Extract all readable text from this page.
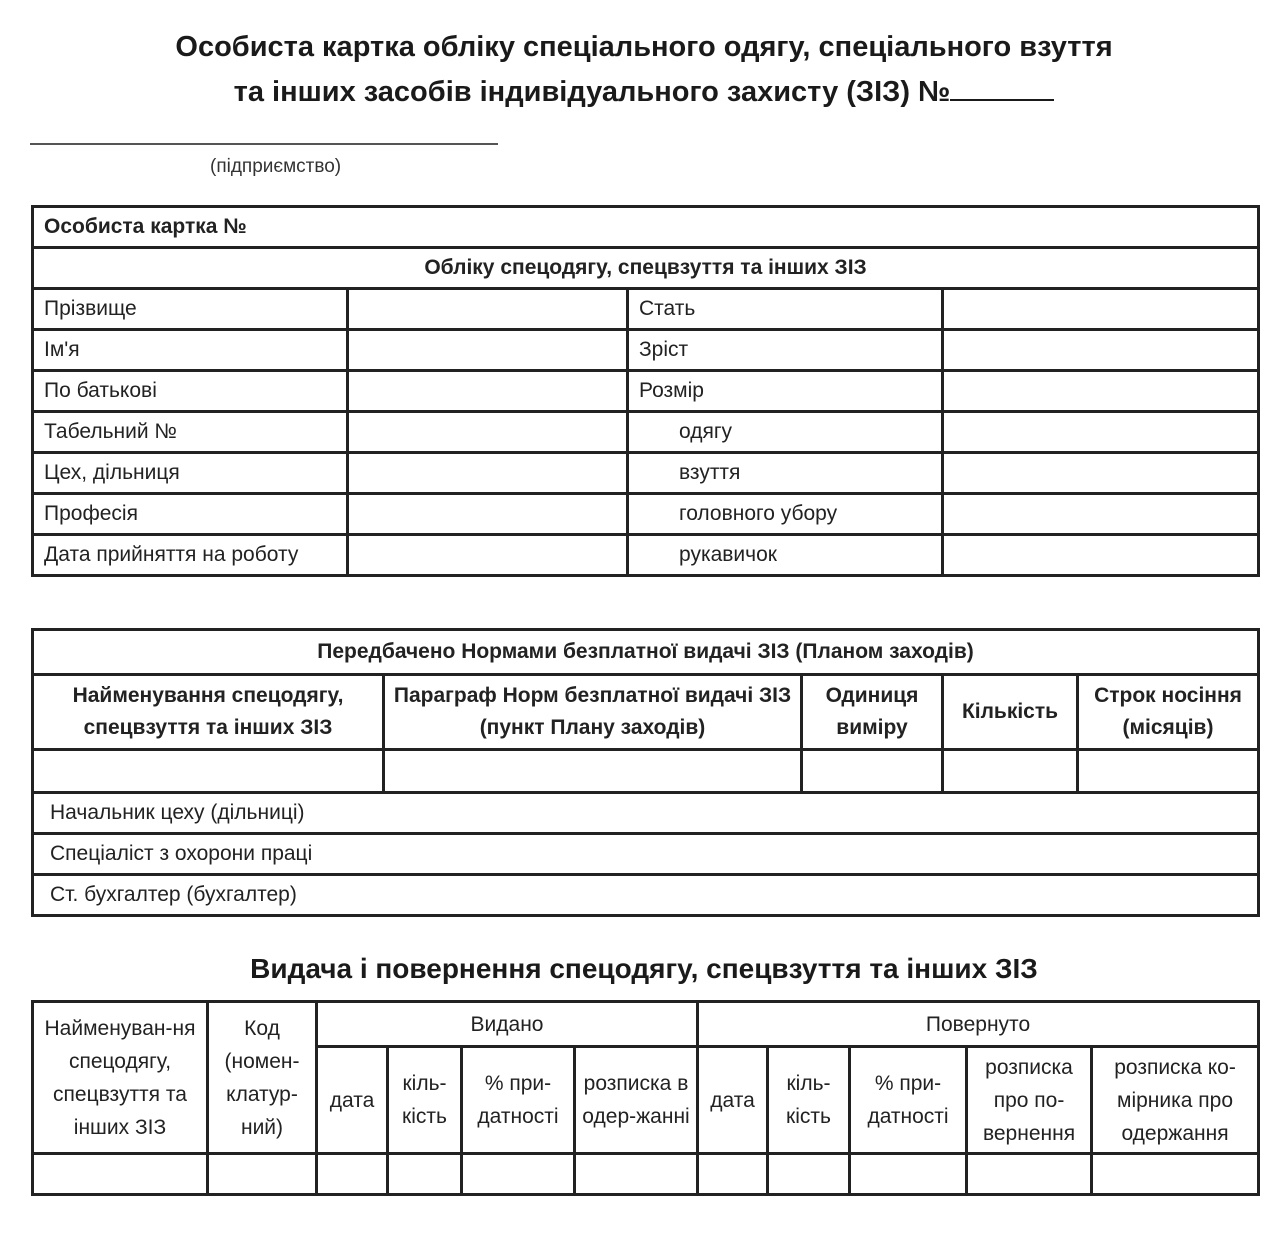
Особиста картка обліку спеціального одягу, спеціального взуття
та інших засобів індивідуального захисту (ЗІЗ) №
(підприємство)
Особиста картка №			
Обліку спецодягу, спецвзуття та інших ЗІЗ			
Прізвище		Стать	
Ім'я		Зріст	
По батькові		Розмір	
Табельний №		одягу	
Цех, дільниця		взуття	
Професія		головного убору	
Дата прийняття на роботу		рукавичок	
Передбачено Нормами безплатної видачі ЗІЗ (Планом заходів)				
Найменування спецодягу, спецвзуття та інших ЗІЗ	Параграф Норм безплатної видачі ЗІЗ (пункт Плану заходів)	Одиниця виміру	Кількість	Строк носіння (місяців)

Начальник цеху (дільниці)				
Спеціаліст з охорони праці				
Ст. бухгалтер (бухгалтер)				
Видача і повернення спецодягу, спецвзуття та інших ЗІЗ
Найменуван-ня спецодягу, спецвзуття та інших ЗІЗ	Код (номен-клатур-ний)	Видано				Повернуто				
		дата	кіль-кість	% при-датності	розписка в одер-жанні	дата	кіль-кість	% при-датності	розписка про по-вернення	розписка ко-мірника про одержання
